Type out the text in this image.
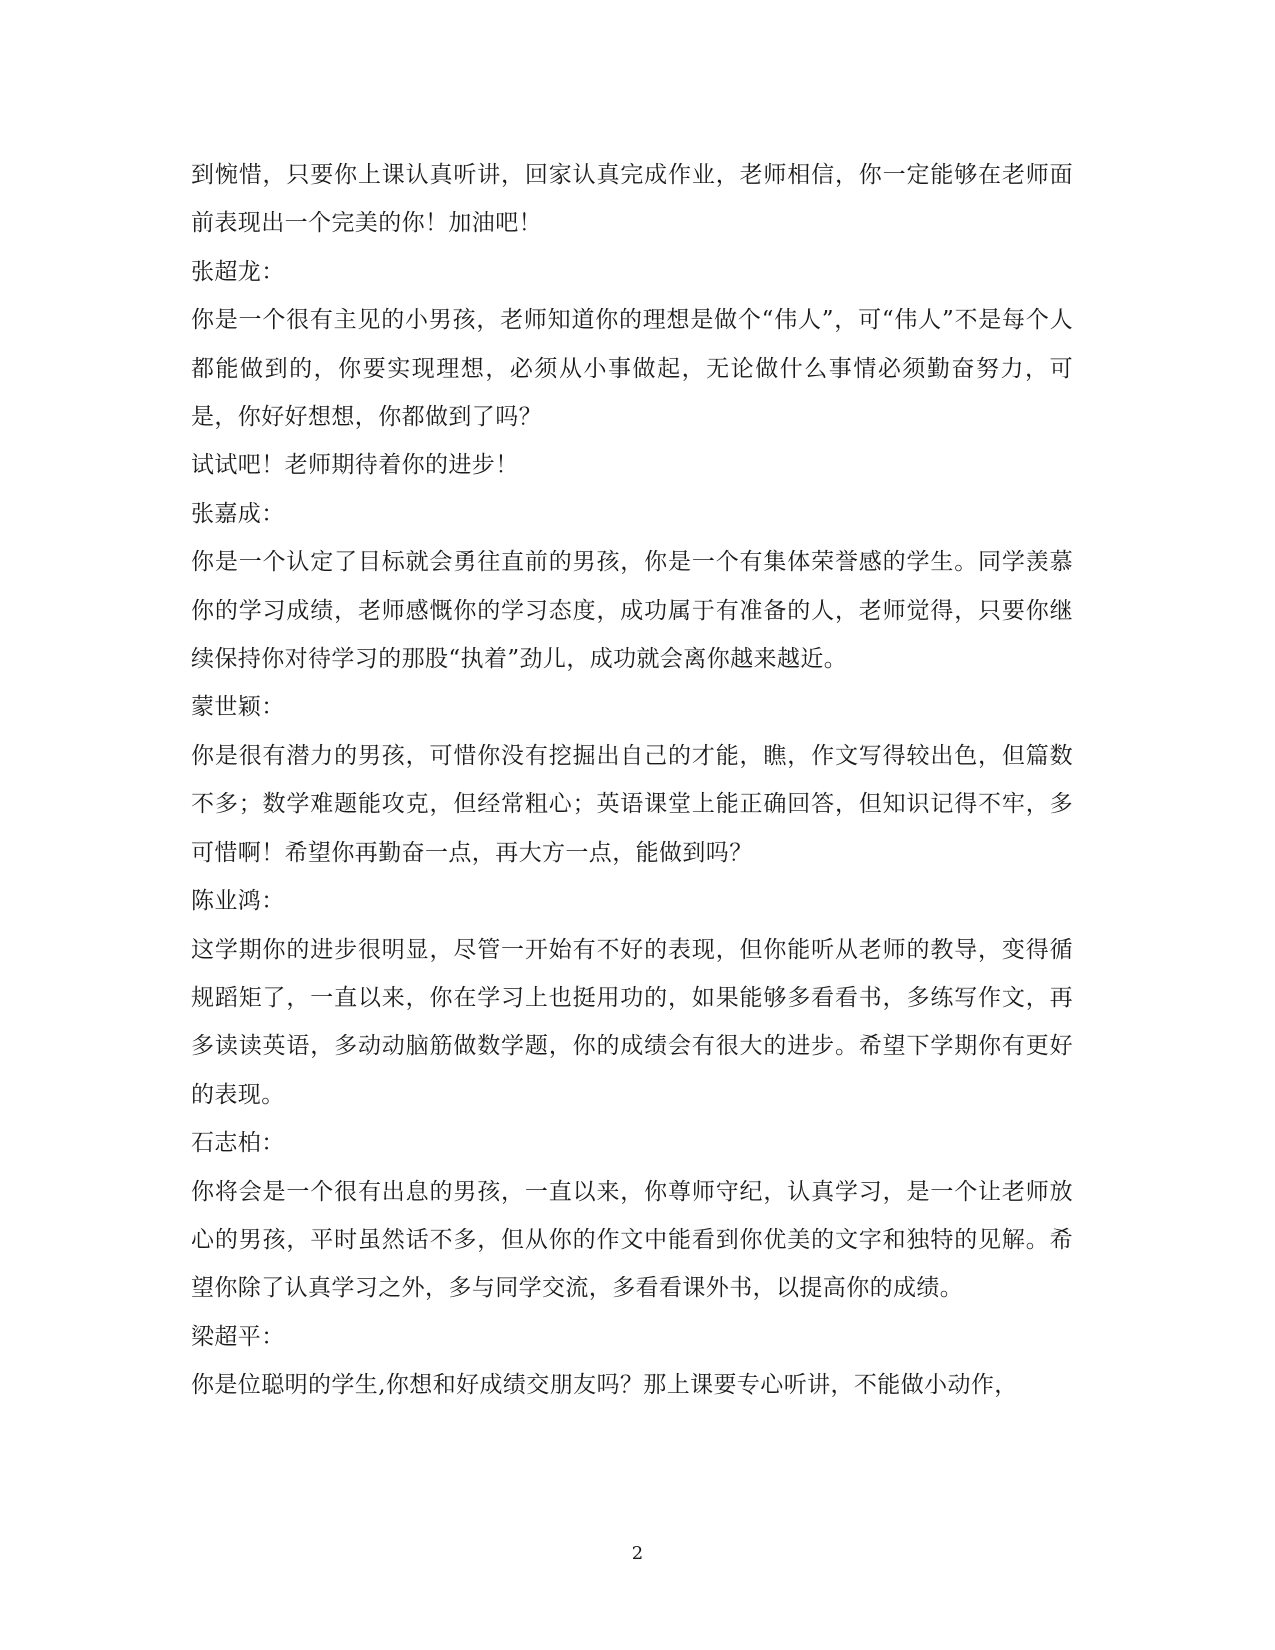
到惋惜，只要你上课认真听讲，回家认真完成作业，老师相信，你一定能够在老师面前表现出一个完美的你！加油吧！

张超龙：

你是一个很有主见的小男孩，老师知道你的理想是做个“伟人”，可“伟人”不是每个人都能做到的，你要实现理想，必须从小事做起，无论做什么事情必须勤奋努力，可是，你好好想想，你都做到了吗？

试试吧！老师期待着你的进步！

张嘉成：

你是一个认定了目标就会勇往直前的男孩，你是一个有集体荣誉感的学生。同学羡慕你的学习成绩，老师感慨你的学习态度，成功属于有准备的人，老师觉得，只要你继续保持你对待学习的那股“执着”劲儿，成功就会离你越来越近。

蒙世颖：

你是很有潜力的男孩，可惜你没有挖掘出自己的才能，瞧，作文写得较出色，但篇数不多；数学难题能攻克，但经常粗心；英语课堂上能正确回答，但知识记得不牢，多可惜啊！希望你再勤奋一点，再大方一点，能做到吗？

陈业鸿：

这学期你的进步很明显，尽管一开始有不好的表现，但你能听从老师的教导，变得循规蹈矩了，一直以来，你在学习上也挺用功的，如果能够多看看书，多练写作文，再多读读英语，多动动脑筋做数学题，你的成绩会有很大的进步。希望下学期你有更好的表现。

石志柏：

你将会是一个很有出息的男孩，一直以来，你尊师守纪，认真学习，是一个让老师放心的男孩，平时虽然话不多，但从你的作文中能看到你优美的文字和独特的见解。希望你除了认真学习之外，多与同学交流，多看看课外书，以提高你的成绩。

梁超平：

你是位聪明的学生,你想和好成绩交朋友吗？那上课要专心听讲，不能做小动作，

2
